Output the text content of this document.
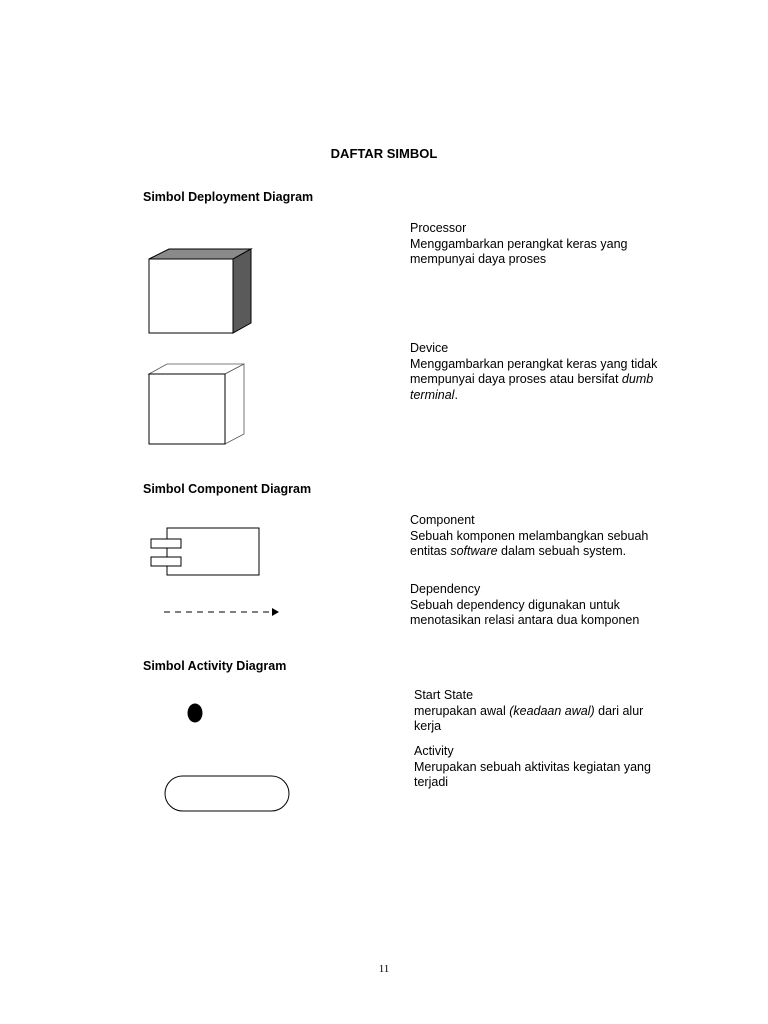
DAFTAR SIMBOL
Simbol Deployment Diagram
Processor
Menggambarkan perangkat keras yang mempunyai daya proses
Device
Menggambarkan perangkat keras yang tidak mempunyai daya proses atau bersifat dumb terminal.
Simbol Component Diagram
Component
Sebuah komponen melambangkan sebuah entitas software dalam sebuah system.
Dependency
Sebuah dependency digunakan untuk menotasikan relasi antara dua komponen
Simbol Activity Diagram
Start State
merupakan awal (keadaan awal) dari alur kerja
Activity
Merupakan sebuah aktivitas kegiatan yang terjadi
11
